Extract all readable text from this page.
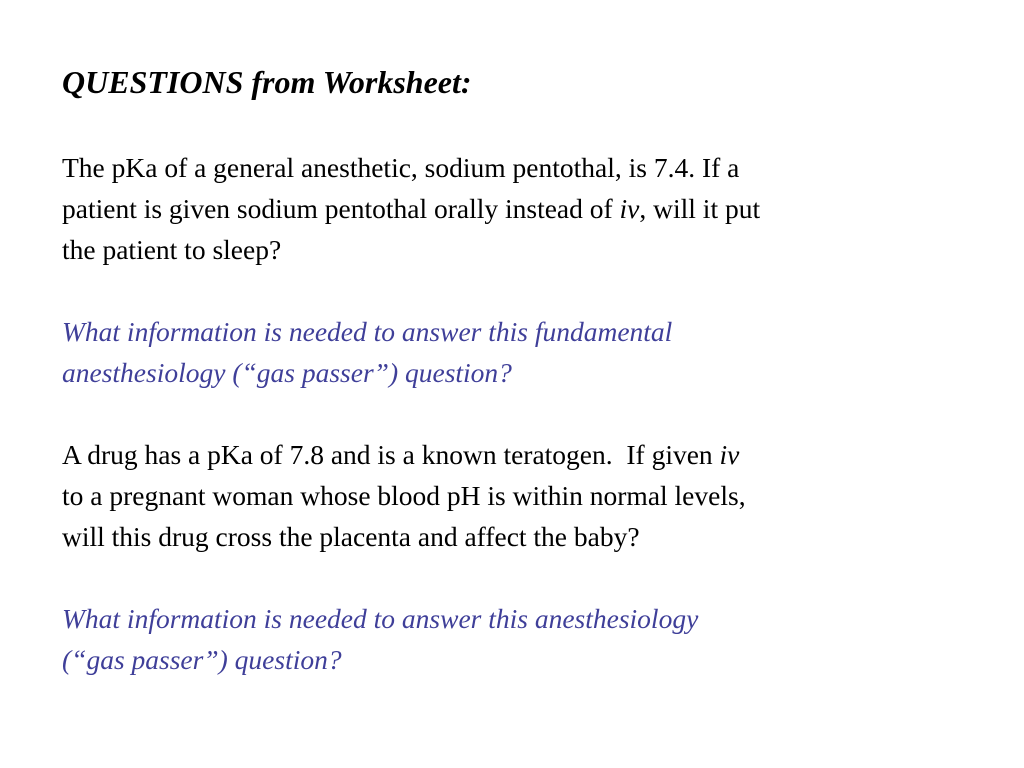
QUESTIONS from Worksheet:
The pKa of a general anesthetic, sodium pentothal, is 7.4. If a
patient is given sodium pentothal orally instead of iv, will it put
the patient to sleep?
What information is needed to answer this fundamental
anesthesiology (“gas passer”) question?
A drug has a pKa of 7.8 and is a known teratogen.  If given iv
to a pregnant woman whose blood pH is within normal levels,
will this drug cross the placenta and affect the baby?
What information is needed to answer this anesthesiology
(“gas passer”) question?
